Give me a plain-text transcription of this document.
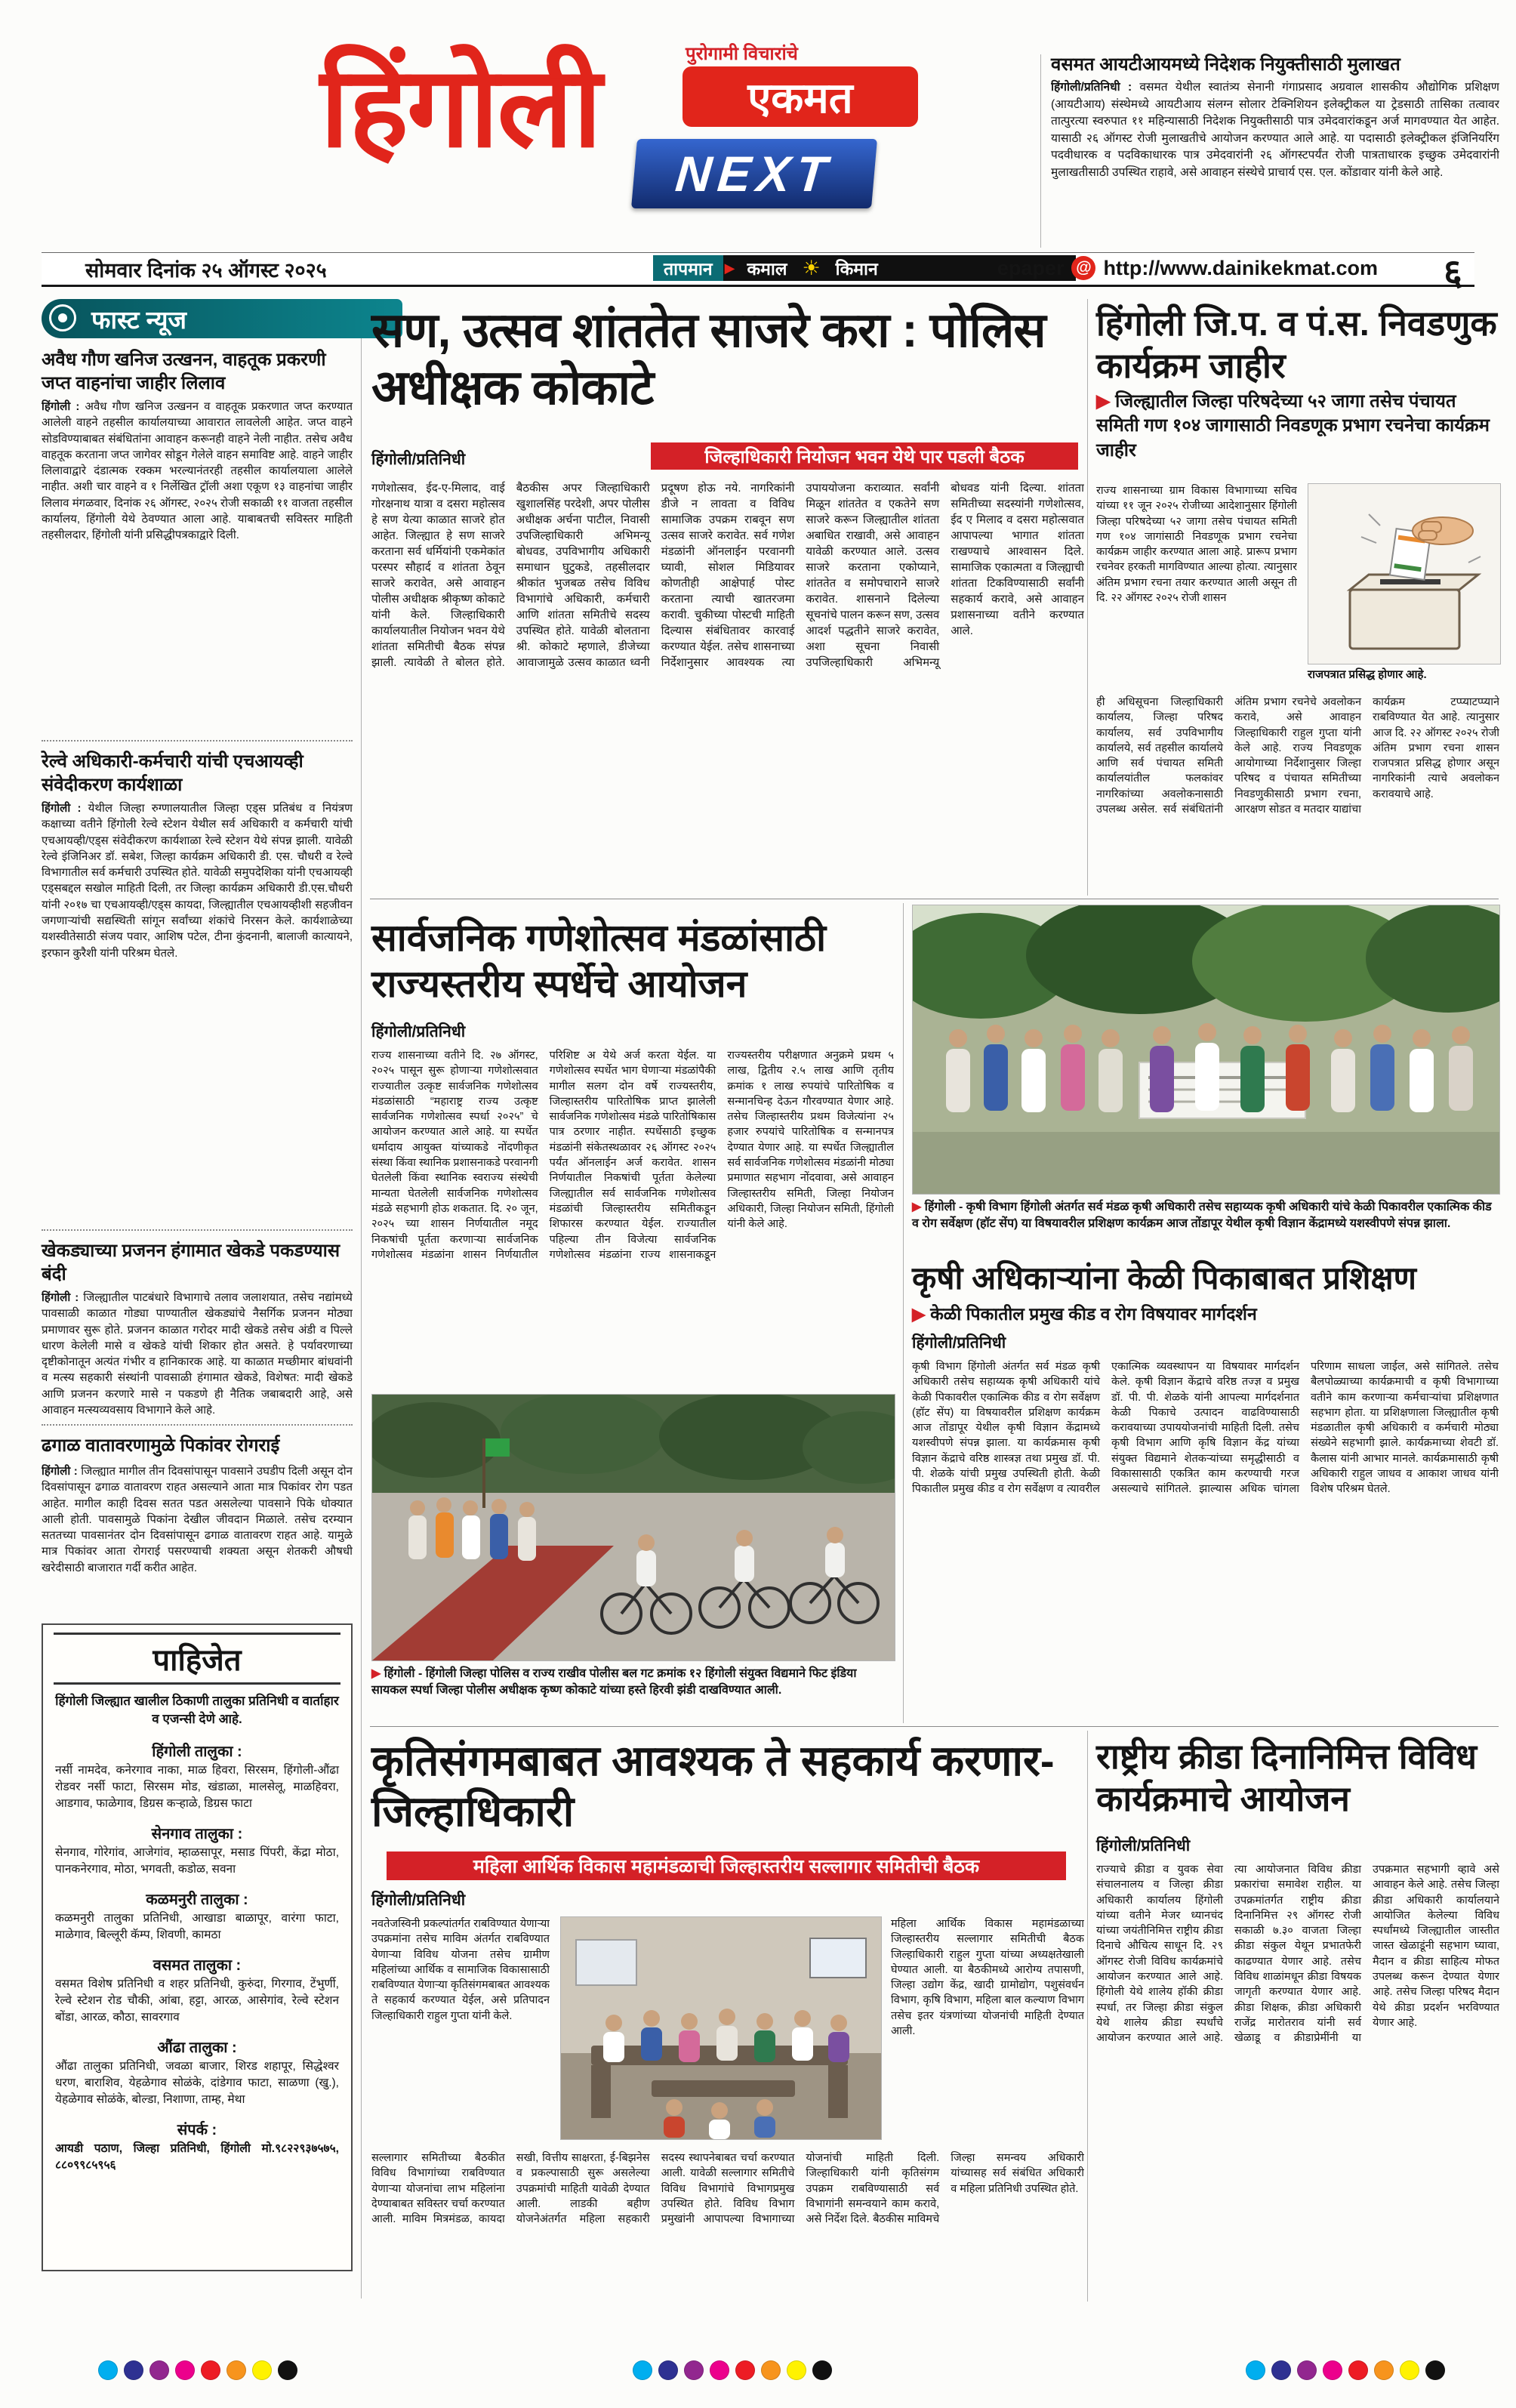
हिंगोली	पुरोगामी विचारांचे
एकमत
NEXT
वसमत आयटीआयमध्ये निदेशक नियुक्तीसाठी मुलाखत
हिंगोली/प्रतिनिधी : वसमत येथील स्वातंत्र्य सेनानी गंगाप्रसाद अग्रवाल शासकीय औद्योगिक प्रशिक्षण (आयटीआय) संस्थेमध्ये आयटीआय संलग्न सोलार टेक्निशियन इलेक्ट्रीकल या ट्रेडसाठी तासिका तत्वावर तात्पुरत्या स्वरुपात ११ महिन्यासाठी निदेशक नियुक्तीसाठी पात्र उमेदवारांकडून अर्ज मागवण्यात येत आहेत. यासाठी २६ ऑगस्ट रोजी मुलाखतीचे आयोजन करण्यात आले आहे. या पदासाठी इलेक्ट्रीकल इंजिनियरिंग पदवीधारक व पदविकाधारक पात्र उमेदवारांनी २६ ऑगस्टपर्यंत रोजी पात्रताधारक इच्छुक उमेदवारांनी मुलाखतीसाठी उपस्थित राहावे, असे आवाहन संस्थेचे प्राचार्य एस. एल. कोंडावार यांनी केले आहे.
सोमवार दिनांक २५ ऑगस्ट २०२५	तापमान ▶ कमाल ☀ किमान	epaper @ http://www.dainikekmat.com ६
फास्ट न्यूज
अवैध गौण खनिज उत्खनन, वाहतूक प्रकरणी जप्त वाहनांचा जाहीर लिलाव
हिंगोली : अवैध गौण खनिज उत्खनन व वाहतूक प्रकरणात जप्त करण्यात आलेली वाहने तहसील कार्यालयाच्या आवारात लावलेली आहेत. जप्त वाहने सोडविण्याबाबत संबंधितांना आवाहन करूनही वाहने नेली नाहीत. तसेच अवैध वाहतूक करताना जप्त जागेवर सोडून गेलेले वाहन समाविष्ट आहे. वाहने जाहीर लिलावाद्वारे दंडात्मक रक्कम भरल्यानंतरही तहसील कार्यालयाला आलेले नाहीत. अशी चार वाहने व १ निर्लेखित ट्रॉली अशा एकूण १३ वाहनांचा जाहीर लिलाव मंगळवार, दिनांक २६ ऑगस्ट, २०२५ रोजी सकाळी ११ वाजता तहसील कार्यालय, हिंगोली येथे ठेवण्यात आला आहे. याबाबतची सविस्तर माहिती तहसीलदार, हिंगोली यांनी प्रसिद्धीपत्रकाद्वारे दिली.
रेल्वे अधिकारी-कर्मचारी यांची एचआयव्ही संवेदीकरण कार्यशाळा
हिंगोली : येथील जिल्हा रुग्णालयातील जिल्हा एड्स प्रतिबंध व नियंत्रण कक्षाच्या वतीने हिंगोली रेल्वे स्टेशन येथील सर्व अधिकारी व कर्मचारी यांची एचआयव्ही/एड्स संवेदीकरण कार्यशाळा रेल्वे स्टेशन येथे संपन्न झाली. यावेळी रेल्वे इंजिनिअर डॉ. सबेश, जिल्हा कार्यक्रम अधिकारी डी. एस. चौधरी व रेल्वे विभागातील सर्व कर्मचारी उपस्थित होते. यावेळी समुपदेशिका यांनी एचआयव्ही एड्सबद्दल सखोल माहिती दिली, तर जिल्हा कार्यक्रम अधिकारी डी.एस.चौधरी यांनी २०१७ चा एचआयव्ही/एड्स कायदा, जिल्ह्यातील एचआयव्हीशी सहजीवन जगणाऱ्यांची सद्यस्थिती सांगून सर्वांच्या शंकांचे निरसन केले. कार्यशाळेच्या यशस्वीतेसाठी संजय पवार, आशिष पटेल, टीना कुंदनानी, बालाजी कात्यायने, इरफान कुरैशी यांनी परिश्रम घेतले.
खेकड्याच्या प्रजनन हंगामात खेकडे पकडण्यास बंदी
हिंगोली : जिल्ह्यातील पाटबंधारे विभागाचे तलाव जलाशयात, तसेच नद्यांमध्ये पावसाळी काळात गोड्या पाण्यातील खेकड्यांचे नैसर्गिक प्रजनन मोठ्या प्रमाणावर सुरू होते. प्रजनन काळात गरोदर मादी खेकडे तसेच अंडी व पिल्ले धारण केलेली मासे व खेकडे यांची शिकार होत असते. हे पर्यावरणाच्या दृष्टीकोनातून अत्यंत गंभीर व हानिकारक आहे. या काळात मच्छीमार बांधवांनी व मत्स्य सहकारी संस्थांनी पावसाळी हंगामात खेकडे, विशेषत: मादी खेकडे आणि प्रजनन करणारे मासे न पकडणे ही नैतिक जबाबदारी आहे, असे आवाहन मत्स्यव्यवसाय विभागाने केले आहे.
ढगाळ वातावरणामुळे पिकांवर रोगराई
हिंगोली : जिल्ह्यात मागील तीन दिवसांपासून पावसाने उघडीप दिली असून दोन दिवसांपासून ढगाळ वातावरण राहत असल्याने आता मात्र पिकांवर रोग पडत आहेत. मागील काही दिवस सतत पडत असलेल्या पावसाने पिके धोक्यात आली होती. पावसामुळे पिकांना देखील जीवदान मिळाले. तसेच दरम्यान सततच्या पावसानंतर दोन दिवसांपासून ढगाळ वातावरण राहत आहे. यामुळे मात्र पिकांवर आता रोगराई पसरण्याची शक्यता असून शेतकरी औषधी खरेदीसाठी बाजारात गर्दी करीत आहेत.
पाहिजेत
हिंगोली जिल्ह्यात खालील ठिकाणी तालुका प्रतिनिधी व वार्ताहार व एजन्सी देणे आहे.
हिंगोली तालुका :
नर्सी नामदेव, कनेरगाव नाका, माळ हिवरा, सिरसम, हिंगोली-औंढा रोडवर नर्सी फाटा, सिरसम मोड, खंडाळा, मालसेलू, माळहिवरा, आडगाव, फाळेगाव, डिग्रस कऱ्हाळे, डिग्रस फाटा
सेनगाव तालुका :
सेनगाव, गोरेगांव, आजेगांव, म्हाळसापूर, मसाड पिंपरी, केंद्रा मोठा, पानकनेरगाव, मोठा, भगवती, कडोळ, सवना
कळमनुरी तालुका :
कळमनुरी तालुका प्रतिनिधी, आखाडा बाळापूर, वारंगा फाटा, माळेगाव, बिल्लूरी कॅम्प, शिवणी, कामठा
वसमत तालुका :
वसमत विशेष प्रतिनिधी व शहर प्रतिनिधी, कुरुंदा, गिरगाव, टेंभुर्णी, रेल्वे स्टेशन रोड चौकी, आंबा, हट्टा, आरळ, आसेगांव, रेल्वे स्टेशन बोंडा, आरळ, कौठा, सावरगाव
औंढा तालुका :
औंढा तालुका प्रतिनिधी, जवळा बाजार, शिरड शहापूर, सिद्धेश्वर धरण, बाराशिव, येहळेगाव सोळंके, दांडेगाव फाटा, साळणा (खु.), येहळेगाव सोळंके, बोल्डा, निशाणा, ताम्ह, मेथा
संपर्क :
आयडी पठाण, जिल्हा प्रतिनिधी, हिंगोली मो.९८२२९३७५७५, ८८०९९८५९५६
सण, उत्सव शांततेत साजरे करा : पोलिस अधीक्षक कोकाटे
हिंगोली/प्रतिनिधी	जिल्हाधिकारी नियोजन भवन येथे पार पडली बैठक
गणेशोत्सव, ईद-ए-मिलाद, वाई गोरक्षनाथ यात्रा व दसरा महोत्सव हे सण येत्या काळात साजरे होत आहेत. जिल्ह्यात हे सण साजरे करताना सर्व धर्मियांनी एकमेकांत परस्पर सौहार्द व शांतता ठेवून साजरे करावेत, असे आवाहन पोलीस अधीक्षक श्रीकृष्ण कोकाटे यांनी केले. जिल्हाधिकारी कार्यालयातील नियोजन भवन येथे शांतता समितीची बैठक संपन्न झाली. त्यावेळी ते बोलत होते. बैठकीस अपर जिल्हाधिकारी खुशालसिंह परदेशी, अपर पोलीस अधीक्षक अर्चना पाटील, निवासी उपजिल्हाधिकारी अभिमन्यू बोधवड, उपविभागीय अधिकारी समाधान घुटुकडे, तहसीलदार श्रीकांत भुजबळ तसेच विविध विभागांचे अधिकारी, कर्मचारी आणि शांतता समितीचे सदस्य उपस्थित होते. यावेळी बोलताना श्री. कोकाटे म्हणाले, डीजेच्या आवाजामुळे उत्सव काळात ध्वनी प्रदूषण होऊ नये. नागरिकांनी डीजे न लावता व विविध सामाजिक उपक्रम राबवून सण उत्सव साजरे करावेत. सर्व गणेश मंडळांनी ऑनलाईन परवानगी घ्यावी, सोशल मिडियावर कोणतीही आक्षेपार्ह पोस्ट करताना त्याची खातरजमा करावी. चुकीच्या पोस्टची माहिती दिल्यास संबंधितावर कारवाई करण्यात येईल. तसेच शासनाच्या निर्देशानुसार आवश्यक त्या उपाययोजना कराव्यात. सर्वांनी मिळून शांततेत व एकतेने सण साजरे करून जिल्ह्यातील शांतता अबाधित राखावी, असे आवाहन यावेळी करण्यात आले. उत्सव साजरे करताना एकोप्याने, शांततेत व समोपचाराने साजरे करावेत. शासनाने दिलेल्या सूचनांचे पालन करून सण, उत्सव आदर्श पद्धतीने साजरे करावेत, अशा सूचना निवासी उपजिल्हाधिकारी अभिमन्यू बोधवड यांनी दिल्या. शांतता समितीच्या सदस्यांनी गणेशोत्सव, ईद ए मिलाद व दसरा महोत्सवात आपापल्या भागात शांतता राखण्याचे आश्वासन दिले. सामाजिक एकात्मता व जिल्ह्याची शांतता टिकविण्यासाठी सर्वांनी सहकार्य करावे, असे आवाहन प्रशासनाच्या वतीने करण्यात आले.
हिंगोली जि.प. व पं.स. निवडणुक कार्यक्रम जाहीर
▶ जिल्ह्यातील जिल्हा परिषदेच्या ५२ जागा तसेच पंचायत समिती गण १०४ जागासाठी निवडणूक प्रभाग रचनेचा कार्यक्रम जाहीर
राज्य शासनाच्या ग्राम विकास विभागाच्या सचिव यांच्या ११ जून २०२५ रोजीच्या आदेशानुसार हिंगोली जिल्हा परिषदेच्या ५२ जागा तसेच पंचायत समिती गण १०४ जागांसाठी निवडणूक प्रभाग रचनेचा कार्यक्रम जाहीर करण्यात आला आहे. प्रारूप प्रभाग रचनेवर हरकती मागविण्यात आल्या होत्या. त्यानुसार अंतिम प्रभाग रचना तयार करण्यात आली असून ती दि. २२ ऑगस्ट २०२५ रोजी शासन
राजपत्रात प्रसिद्ध होणार आहे.
ही अधिसूचना जिल्हाधिकारी कार्यालय, जिल्हा परिषद कार्यालय, सर्व उपविभागीय कार्यालये, सर्व तहसील कार्यालये आणि सर्व पंचायत समिती कार्यालयांतील फलकांवर नागरिकांच्या अवलोकनासाठी उपलब्ध असेल. सर्व संबंधितांनी अंतिम प्रभाग रचनेचे अवलोकन करावे, असे आवाहन जिल्हाधिकारी राहुल गुप्ता यांनी केले आहे. राज्य निवडणूक आयोगाच्या निर्देशानुसार जिल्हा परिषद व पंचायत समितीच्या निवडणुकीसाठी प्रभाग रचना, आरक्षण सोडत व मतदार याद्यांचा कार्यक्रम टप्प्याटप्प्याने राबविण्यात येत आहे. त्यानुसार आज दि. २२ ऑगस्ट २०२५ रोजी अंतिम प्रभाग रचना शासन राजपत्रात प्रसिद्ध होणार असून नागरिकांनी त्याचे अवलोकन करावयाचे आहे.
सार्वजनिक गणेशोत्सव मंडळांसाठी राज्यस्तरीय स्पर्धेचे आयोजन
हिंगोली/प्रतिनिधी
राज्य शासनाच्या वतीने दि. २७ ऑगस्ट, २०२५ पासून सुरू होणाऱ्या गणेशोत्सवात राज्यातील उत्कृष्ट सार्वजनिक गणेशोत्सव मंडळांसाठी “महाराष्ट्र राज्य उत्कृष्ट सार्वजनिक गणेशोत्सव स्पर्धा २०२५” चे आयोजन करण्यात आले आहे. या स्पर्धेत धर्मादाय आयुक्त यांच्याकडे नोंदणीकृत संस्था किंवा स्थानिक प्रशासनाकडे परवानगी घेतलेली किंवा स्थानिक स्वराज्य संस्थेची मान्यता घेतलेली सार्वजनिक गणेशोत्सव मंडळे सहभागी होऊ शकतात. दि. २० जून, २०२५ च्या शासन निर्णयातील नमूद निकषांची पूर्तता करणाऱ्या सार्वजनिक गणेशोत्सव मंडळांना शासन निर्णयातील परिशिष्ट अ येथे अर्ज करता येईल. या गणेशोत्सव स्पर्धेत भाग घेणाऱ्या मंडळांपैकी मागील सलग दोन वर्षे राज्यस्तरीय, जिल्हास्तरीय पारितोषिक प्राप्त झालेली सार्वजनिक गणेशोत्सव मंडळे पारितोषिकास पात्र ठरणार नाहीत. स्पर्धेसाठी इच्छुक मंडळांनी संकेतस्थळावर २६ ऑगस्ट २०२५ पर्यंत ऑनलाईन अर्ज करावेत. शासन निर्णयातील निकषांची पूर्तता केलेल्या जिल्ह्यातील सर्व सार्वजनिक गणेशोत्सव मंडळांची जिल्हास्तरीय समितीकडून शिफारस करण्यात येईल. राज्यातील पहिल्या तीन विजेत्या सार्वजनिक गणेशोत्सव मंडळांना राज्य शासनाकडून राज्यस्तरीय परीक्षणात अनुक्रमे प्रथम ५ लाख, द्वितीय २.५ लाख आणि तृतीय क्रमांक १ लाख रुपयांचे पारितोषिक व सन्मानचिन्ह देऊन गौरवण्यात येणार आहे. तसेच जिल्हास्तरीय प्रथम विजेत्यांना २५ हजार रुपयांचे पारितोषिक व सन्मानपत्र देण्यात येणार आहे. या स्पर्धेत जिल्ह्यातील सर्व सार्वजनिक गणेशोत्सव मंडळांनी मोठ्या प्रमाणात सहभाग नोंदवावा, असे आवाहन जिल्हास्तरीय समिती, जिल्हा नियोजन अधिकारी, जिल्हा नियोजन समिती, हिंगोली यांनी केले आहे.
▶ हिंगोली - हिंगोली जिल्हा पोलिस व राज्य राखीव पोलीस बल गट क्रमांक १२ हिंगोली संयुक्त विद्यमाने फिट इंडिया सायकल स्पर्धा जिल्हा पोलीस अधीक्षक कृष्ण कोकाटे यांच्या हस्ते हिरवी झंडी दाखविण्यात आली.
▶ हिंगोली - कृषी विभाग हिंगोली अंतर्गत सर्व मंडळ कृषी अधिकारी तसेच सहाय्यक कृषी अधिकारी यांचे केळी पिकावरील एकात्मिक कीड व रोग सर्वेक्षण (हॉट सेंप) या विषयावरील प्रशिक्षण कार्यक्रम आज तोंडापूर येथील कृषी विज्ञान केंद्रामध्ये यशस्वीपणे संपन्न झाला.
कृषी अधिकाऱ्यांना केळी पिकाबाबत प्रशिक्षण
▶ केळी पिकातील प्रमुख कीड व रोग विषयावर मार्गदर्शन
हिंगोली/प्रतिनिधी
कृषी विभाग हिंगोली अंतर्गत सर्व मंडळ कृषी अधिकारी तसेच सहाय्यक कृषी अधिकारी यांचे केळी पिकावरील एकात्मिक कीड व रोग सर्वेक्षण (हॉट सेंप) या विषयावरील प्रशिक्षण कार्यक्रम आज तोंडापूर येथील कृषी विज्ञान केंद्रामध्ये यशस्वीपणे संपन्न झाला. या कार्यक्रमास कृषी विज्ञान केंद्राचे वरिष्ठ शास्त्रज्ञ तथा प्रमुख डॉ. पी. पी. शेळके यांची प्रमुख उपस्थिती होती. केळी पिकातील प्रमुख कीड व रोग सर्वेक्षण व त्यावरील एकात्मिक व्यवस्थापन या विषयावर मार्गदर्शन केले. कृषी विज्ञान केंद्राचे वरिष्ठ तज्ज्ञ व प्रमुख डॉ. पी. पी. शेळके यांनी आपल्या मार्गदर्शनात केळी पिकाचे उत्पादन वाढविण्यासाठी करावयाच्या उपाययोजनांची माहिती दिली. तसेच कृषी विभाग आणि कृषि विज्ञान केंद्र यांच्या संयुक्त विद्यमाने शेतकऱ्यांच्या समृद्धीसाठी व विकासासाठी एकत्रित काम करण्याची गरज असल्याचे सांगितले. झाल्यास अधिक चांगला परिणाम साधला जाईल, असे सांगितले. तसेच बैलपोळ्याच्या कार्यक्रमाची व कृषी विभागाच्या वतीने काम करणाऱ्या कर्मचाऱ्यांचा प्रशिक्षणात सहभाग होता. या प्रशिक्षणाला जिल्ह्यातील कृषी मंडळातील कृषी अधिकारी व कर्मचारी मोठ्या संख्येने सहभागी झाले. कार्यक्रमाच्या शेवटी डॉ. कैलास यांनी आभार मानले. कार्यक्रमासाठी कृषी अधिकारी राहुल जाधव व आकाश जाधव यांनी विशेष परिश्रम घेतले.
कृतिसंगमबाबत आवश्यक ते सहकार्य करणार-जिल्हाधिकारी
महिला आर्थिक विकास महामंडळाची जिल्हास्तरीय सल्लागार समितीची बैठक
हिंगोली/प्रतिनिधी
नवतेजस्विनी प्रकल्पांतर्गत राबविण्यात येणाऱ्या उपक्रमांना तसेच माविम अंतर्गत राबविण्यात येणाऱ्या विविध योजना तसेच ग्रामीण महिलांच्या आर्थिक व सामाजिक विकासासाठी राबविण्यात येणाऱ्या कृतिसंगमबाबत आवश्यक ते सहकार्य करण्यात येईल, असे प्रतिपादन जिल्हाधिकारी राहुल गुप्ता यांनी केले.
महिला आर्थिक विकास महामंडळाच्या जिल्हास्तरीय सल्लागार समितीची बैठक जिल्हाधिकारी राहुल गुप्ता यांच्या अध्यक्षतेखाली घेण्यात आली. या बैठकीमध्ये आरोग्य तपासणी, जिल्हा उद्योग केंद्र, खादी ग्रामोद्योग, पशुसंवर्धन विभाग, कृषि विभाग, महिला बाल कल्याण विभाग तसेच इतर यंत्रणांच्या योजनांची माहिती देण्यात आली.
सल्लागार समितीच्या बैठकीत विविध विभागांच्या राबविण्यात येणाऱ्या योजनांचा लाभ महिलांना देण्याबाबत सविस्तर चर्चा करण्यात आली. माविम मित्रमंडळ, कायदा सखी, वित्तीय साक्षरता, ई-बिझनेस व प्रकल्पासाठी सुरू असलेल्या उपक्रमांची माहिती यावेळी देण्यात आली. लाडकी बहीण योजनेअंतर्गत महिला सहकारी सदस्य स्थापनेबाबत चर्चा करण्यात आली. यावेळी सल्लागार समितीचे विविध विभागांचे विभागप्रमुख उपस्थित होते. विविध विभाग प्रमुखांनी आपापल्या विभागाच्या योजनांची माहिती दिली. जिल्हाधिकारी यांनी कृतिसंगम उपक्रम राबविण्यासाठी सर्व विभागांनी समन्वयाने काम करावे, असे निर्देश दिले. बैठकीस माविमचे जिल्हा समन्वय अधिकारी यांच्यासह सर्व संबंधित अधिकारी व महिला प्रतिनिधी उपस्थित होते.
राष्ट्रीय क्रीडा दिनानिमित्त विविध कार्यक्रमाचे आयोजन
हिंगोली/प्रतिनिधी
राज्याचे क्रीडा व युवक सेवा संचालनालय व जिल्हा क्रीडा अधिकारी कार्यालय हिंगोली यांच्या वतीने मेजर ध्यानचंद यांच्या जयंतीनिमित्त राष्ट्रीय क्रीडा दिनाचे औचित्य साधून दि. २९ ऑगस्ट रोजी विविध कार्यक्रमांचे आयोजन करण्यात आले आहे. हिंगोली येथे शालेय हॉकी क्रीडा स्पर्धा, तर जिल्हा क्रीडा संकुल येथे शालेय क्रीडा स्पर्धांचे आयोजन करण्यात आले आहे. त्या आयोजनात विविध क्रीडा प्रकारांचा समावेश राहील. या उपक्रमांतर्गत राष्ट्रीय क्रीडा दिनानिमित्त २९ ऑगस्ट रोजी सकाळी ७.३० वाजता जिल्हा क्रीडा संकुल येथून प्रभातफेरी काढण्यात येणार आहे. तसेच विविध शाळांमधून क्रीडा विषयक जागृती करण्यात येणार आहे. क्रीडा शिक्षक, क्रीडा अधिकारी राजेंद्र मारोतराव यांनी सर्व खेळाडू व क्रीडाप्रेमींनी या उपक्रमात सहभागी व्हावे असे आवाहन केले आहे. तसेच जिल्हा क्रीडा अधिकारी कार्यालयाने आयोजित केलेल्या विविध स्पर्धांमध्ये जिल्ह्यातील जास्तीत जास्त खेळाडूंनी सहभाग घ्यावा, मैदान व क्रीडा साहित्य मोफत उपलब्ध करून देण्यात येणार आहे. तसेच जिल्हा परिषद मैदान येथे क्रीडा प्रदर्शन भरविण्यात येणार आहे.
